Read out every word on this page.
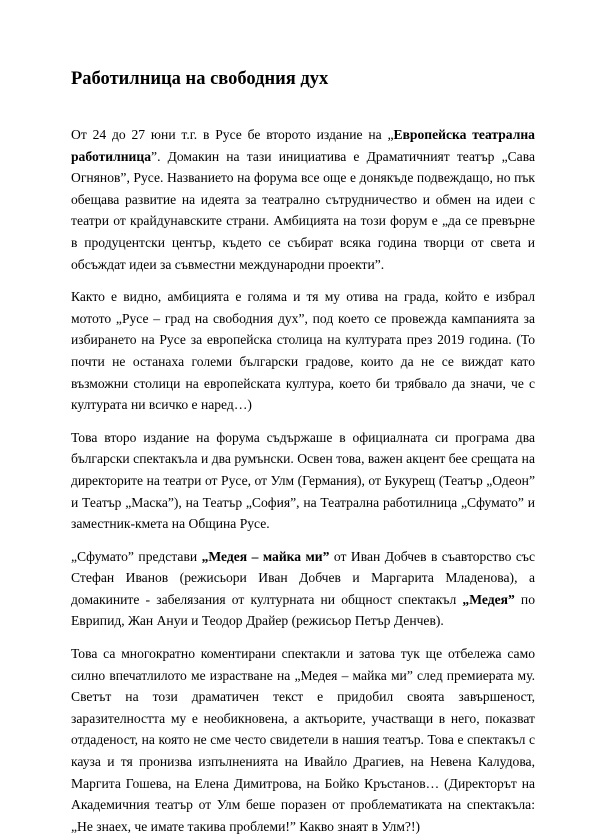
Работилница на свободния дух

От 24 до 27 юни т.г. в Русе бе второто издание на „Европейска театрална работилница”. Домакин на тази инициатива е Драматичният театър „Сава Огнянов”, Русе. Названието на форума все още е донякъде подвеждащо, но пък обещава развитие на идеята за театрално сътрудничество и обмен на идеи с театри от крайдунавските страни. Амбицията на този форум е „да се превърне в продуцентски център, където се събират всяка година творци от света и обсъждат идеи за съвместни международни проекти”.

Както е видно, амбицията е голяма и тя му отива на града, който е избрал мотото „Русе – град на свободния дух”, под което се провежда кампанията за избирането на Русе за европейска столица на културата през 2019 година. (То почти не останаха големи български градове, които да не се виждат като възможни столици на европейската култура, което би трябвало да значи, че с културата ни всичко е наред…)

Това второ издание на форума съдържаше в официалната си програма два български спектакъла и два румънски. Освен това, важен акцент бее срещата на директорите на театри от Русе, от Улм (Германия), от Букурещ (Театър „Одеон” и Театър „Маска”), на Театър „София”, на Театрална работилница „Сфумато” и заместник-кмета на Община Русе.

„Сфумато” представи „Медея – майка ми” от Иван Добчев в съавторство със Стефан Иванов (режисьори Иван Добчев и Маргарита Младенова), а домакините - забелязания от културната ни общност спектакъл „Медея” по Еврипид, Жан Ануи и Теодор Драйер (режисьор Петър Денчев).

Това са многократно коментирани спектакли и затова тук ще отбележа само силно впечатлилото ме израстване на „Медея – майка ми” след премиерата му. Светът на този драматичен текст е придобил своята завършеност, заразителността му е необикновена, а актьорите, участващи в него, показват отдаденост, на която не сме често свидетели в нашия театър. Това е спектакъл с кауза и тя пронизва изпълненията на Ивайло Драгиев, на Невена Калудова, Маргита Гошева, на Елена Димитрова, на Бойко Кръстанов… (Директорът на Академичния театър от Улм беше поразен от проблематиката на спектакъла: „Не знаех, че имате такива проблеми!” Какво знаят в Улм?!)
